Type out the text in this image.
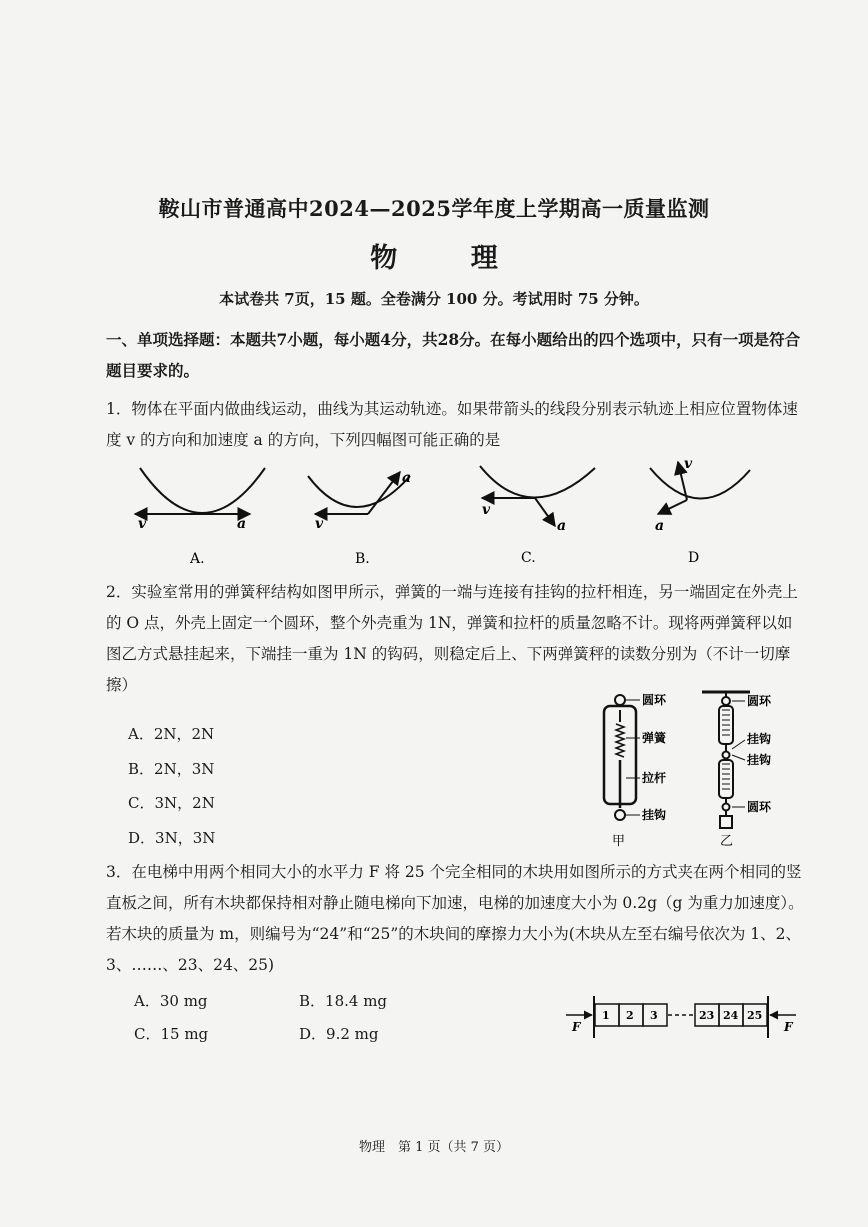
鞍山市普通高中2024—2025学年度上学期高一质量监测
物 理
本试卷共 7页，15 题。全卷满分 100 分。考试用时 75 分钟。
一、单项选择题：本题共7小题，每小题4分，共28分。在每小题给出的四个选项中，只有一项是符合题目要求的。
1．物体在平面内做曲线运动，曲线为其运动轨迹。如果带箭头的线段分别表示轨迹上相应位置物体速度 v 的方向和加速度 a 的方向，下列四幅图可能正确的是
v	a
A.
v
a
B.
v
a
C.
v
a
D
2．实验室常用的弹簧秤结构如图甲所示，弹簧的一端与连接有挂钩的拉杆相连，另一端固定在外壳上的 O 点，外壳上固定一个圆环，整个外壳重为 1N，弹簧和拉杆的质量忽略不计。现将两弹簧秤以如图乙方式悬挂起来，下端挂一重为 1N 的钩码，则稳定后上、下两弹簧秤的读数分别为（不计一切摩擦）
A．2N，2N
B．2N，3N
C．3N，2N
D．3N，3N
圆环
弹簧
拉杆
挂钩
甲
圆环
挂钩
挂钩
圆环
乙
3．在电梯中用两个相同大小的水平力 F 将 25 个完全相同的木块用如图所示的方式夹在两个相同的竖直板之间，所有木块都保持相对静止随电梯向下加速，电梯的加速度大小为 0.2g（g 为重力加速度）。若木块的质量为 m，则编号为“24”和“25”的木块间的摩擦力大小为(木块从左至右编号依次为 1、2、3、……、23、24、25)
A．30 mg	B．18.4 mg
C．15 mg	D．9.2 mg	F	F
1 2 3	23 24 25
物理　第 1 页（共 7 页）
